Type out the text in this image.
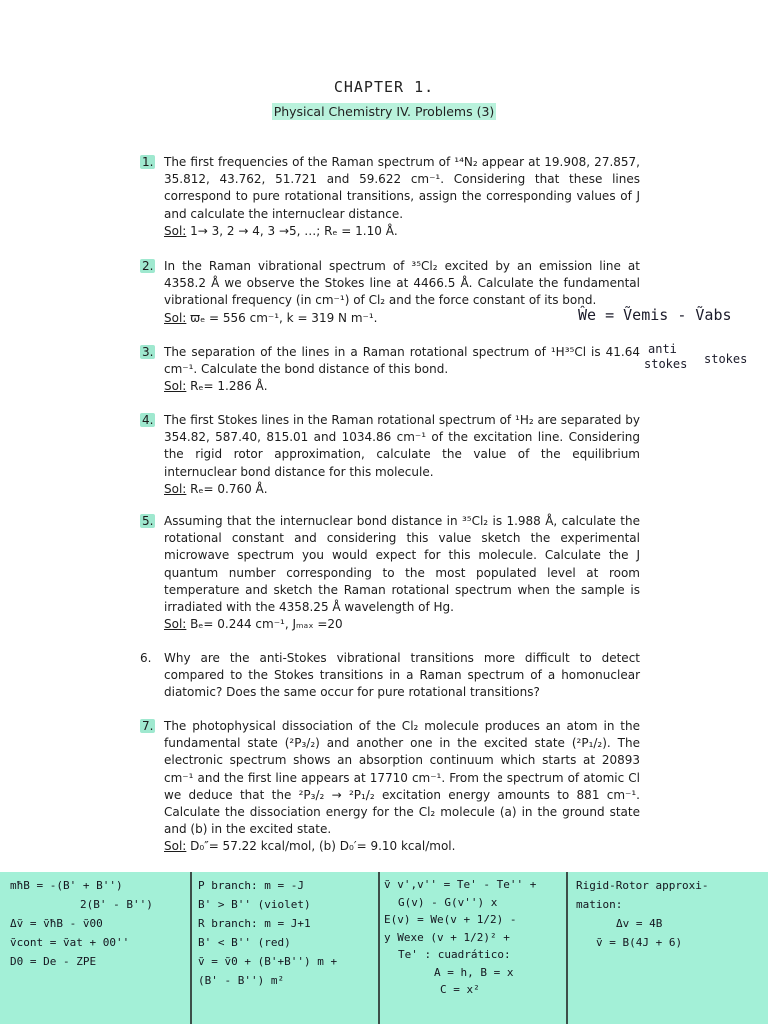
CHAPTER 1.
Physical Chemistry IV. Problems (3)
1. The first frequencies of the Raman spectrum of ¹⁴N₂ appear at 19.908, 27.857, 35.812, 43.762, 51.721 and 59.622 cm⁻¹. Considering that these lines correspond to pure rotational transitions, assign the corresponding values of J and calculate the internuclear distance.
Sol: 1→ 3, 2 → 4, 3 →5, …; Rₑ = 1.10 Å.
2. In the Raman vibrational spectrum of ³⁵Cl₂ excited by an emission line at 4358.2 Å we observe the Stokes line at 4466.5 Å. Calculate the fundamental vibrational frequency (in cm⁻¹) of Cl₂ and the force constant of its bond.
Sol: ϖₑ = 556 cm⁻¹, k = 319 N m⁻¹.
3. The separation of the lines in a Raman rotational spectrum of ¹H³⁵Cl is 41.64 cm⁻¹. Calculate the bond distance of this bond.
Sol: Rₑ= 1.286 Å.
4. The first Stokes lines in the Raman rotational spectrum of ¹H₂ are separated by 354.82, 587.40, 815.01 and 1034.86 cm⁻¹ of the excitation line. Considering the rigid rotor approximation, calculate the value of the equilibrium internuclear bond distance for this molecule.
Sol: Rₑ= 0.760 Å.
5. Assuming that the internuclear bond distance in ³⁵Cl₂ is 1.988 Å, calculate the rotational constant and considering this value sketch the experimental microwave spectrum you would expect for this molecule. Calculate the J quantum number corresponding to the most populated level at room temperature and sketch the Raman rotational spectrum when the sample is irradiated with the 4358.25 Å wavelength of Hg.
Sol: Bₑ= 0.244 cm⁻¹, Jₘₐₓ =20
6.	Why are the anti-Stokes vibrational transitions more difficult to detect compared to the Stokes transitions in a Raman spectrum of a homonuclear diatomic? Does the same occur for pure rotational transitions?
7. The photophysical dissociation of the Cl₂ molecule produces an atom in the fundamental state (²P₃/₂) and another one in the excited state (²P₁/₂). The electronic spectrum shows an absorption continuum which starts at 20893 cm⁻¹ and the first line appears at 17710 cm⁻¹. From the spectrum of atomic Cl we deduce that the ²P₃/₂ → ²P₁/₂ excitation energy amounts to 881 cm⁻¹. Calculate the dissociation energy for the Cl₂ molecule (a) in the ground state and (b) in the excited state.
Sol: D₀″= 57.22 kcal/mol, (b) D₀′= 9.10 kcal/mol.
Ŵe = Ṽemis - Ṽabs
anti
stokes stokes
mħB = -(B' + B'')
2(B' - B'')
Δṽ = ṽħB - ṽ00
ṽcont = ṽat + 00''
D0 = De - ZPE
P branch: m = -J
B' > B'' (violet)
R branch: m = J+1
B' < B'' (red)
ṽ = ṽ0 + (B'+B'') m +
(B' - B'') m²
ṽ v',v'' = Te' - Te'' +
G(v) - G(v'') x
E(v) = We(v + 1/2) -
y Wexe (v + 1/2)² +
Te' : cuadrático:
A = h, B = x
C = x²
Rigid-Rotor approxi-
mation:
Δv = 4B
ṽ = B(4J + 6)
